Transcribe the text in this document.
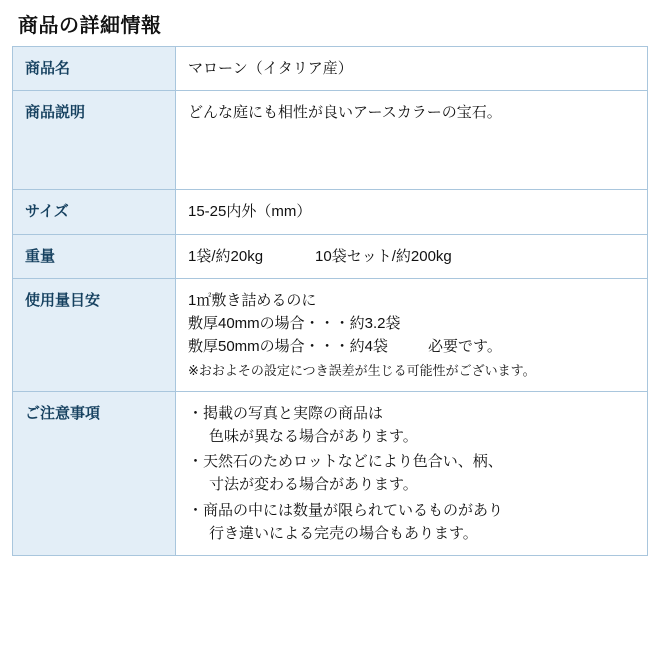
商品の詳細情報
商品名	マローン（イタリア産）

商品説明	どんな庭にも相性が良いアースカラーの宝石。

サイズ	15-25内外（mm）

重量	1袋/約20kg 10袋セット/約200kg

使用量目安	1㎡敷き詰めるのに
敷厚40mmの場合・・・約3.2袋
敷厚50mmの場合・・・約4袋 必要です。
※おおよその設定につき誤差が生じる可能性がございます。

ご注意事項	・掲載の写真と実際の商品は
色味が異なる場合があります。
・天然石のためロットなどにより色合い、柄、
寸法が変わる場合があります。
・商品の中には数量が限られているものがあり
行き違いによる完売の場合もあります。
